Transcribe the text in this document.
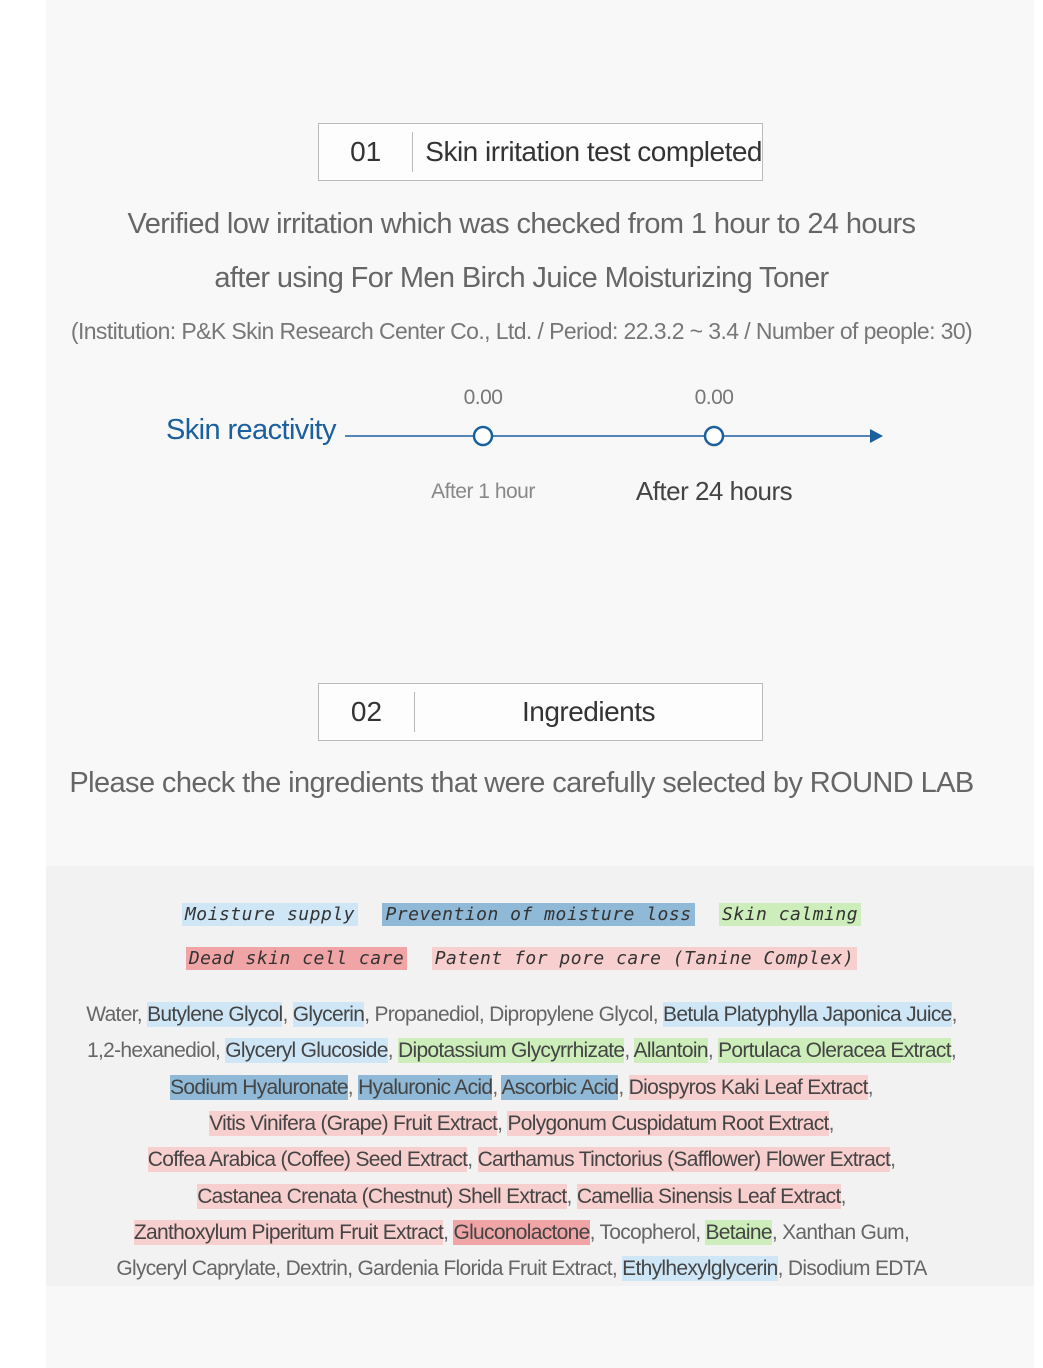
01	Skin irritation test completed
Verified low irritation which was checked from 1 hour to 24 hours
after using For Men Birch Juice Moisturizing Toner
(Institution: P&K Skin Research Center Co., Ltd. / Period: 22.3.2 ~ 3.4 / Number of people: 30)
Skin reactivity
0.00	0.00
After 1 hour	After 24 hours
02	Ingredients
Please check the ingredients that were carefully selected by ROUND LAB
Moisture supply Prevention of moisture loss Skin calming
Dead skin cell care Patent for pore care (Tanine Complex)
Water, Butylene Glycol, Glycerin, Propanediol, Dipropylene Glycol, Betula Platyphylla Japonica Juice,
1,2-hexanediol, Glyceryl Glucoside, Dipotassium Glycyrrhizate, Allantoin, Portulaca Oleracea Extract,
Sodium Hyaluronate, Hyaluronic Acid, Ascorbic Acid, Diospyros Kaki Leaf Extract,
Vitis Vinifera (Grape) Fruit Extract, Polygonum Cuspidatum Root Extract,
Coffea Arabica (Coffee) Seed Extract, Carthamus Tinctorius (Safflower) Flower Extract,
Castanea Crenata (Chestnut) Shell Extract, Camellia Sinensis Leaf Extract,
Zanthoxylum Piperitum Fruit Extract, Gluconolactone, Tocopherol, Betaine, Xanthan Gum,
Glyceryl Caprylate, Dextrin, Gardenia Florida Fruit Extract, Ethylhexylglycerin, Disodium EDTA
